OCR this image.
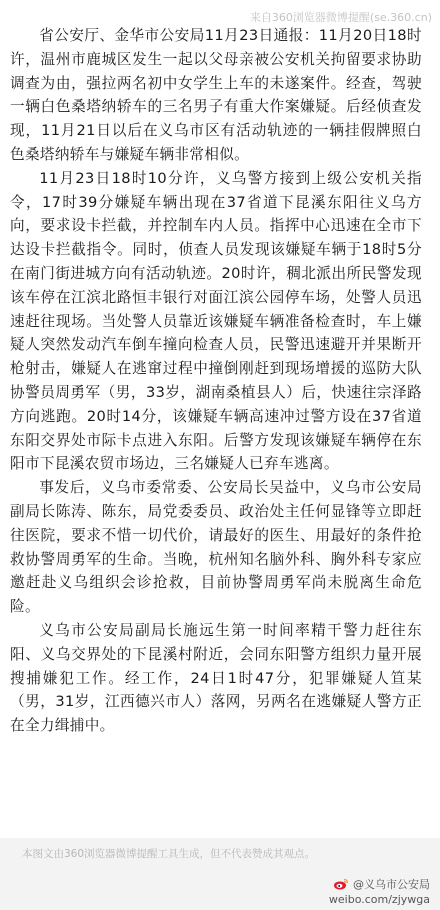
来自360浏览器微博提醒(se.360.cn)

省公安厅、金华市公安局11月23日通报：11月20日18时许，温州市鹿城区发生一起以父母亲被公安机关拘留要求协助调查为由，强拉两名初中女学生上车的未遂案件。经查，驾驶一辆白色桑塔纳轿车的三名男子有重大作案嫌疑。后经侦查发现，11月21日以后在义乌市区有活动轨迹的一辆挂假牌照白色桑塔纳轿车与嫌疑车辆非常相似。

11月23日18时10分许，义乌警方接到上级公安机关指令，17时39分嫌疑车辆出现在37省道下昆溪东阳往义乌方向，要求设卡拦截，并控制车内人员。指挥中心迅速在全市下达设卡拦截指令。同时，侦查人员发现该嫌疑车辆于18时5分在南门街进城方向有活动轨迹。20时许，稠北派出所民警发现该车停在江滨北路恒丰银行对面江滨公园停车场，处警人员迅速赶往现场。当处警人员靠近该嫌疑车辆准备检查时，车上嫌疑人突然发动汽车倒车撞向检查人员，民警迅速避开并果断开枪射击，嫌疑人在逃窜过程中撞倒刚赶到现场增援的巡防大队协警员周勇军（男，33岁，湖南桑植县人）后，快速往宗泽路方向逃跑。20时14分，该嫌疑车辆高速冲过警方设在37省道东阳交界处市际卡点进入东阳。后警方发现该嫌疑车辆停在东阳市下昆溪农贸市场边，三名嫌疑人已弃车逃离。

事发后，义乌市委常委、公安局长吴益中，义乌市公安局副局长陈涛、陈东，局党委委员、政治处主任何显锋等立即赶往医院，要求不惜一切代价，请最好的医生、用最好的条件抢救协警周勇军的生命。当晚，杭州知名脑外科、胸外科专家应邀赶赴义乌组织会诊抢救，目前协警周勇军尚未脱离生命危险。

义乌市公安局副局长施远生第一时间率精干警力赶往东阳、义乌交界处的下昆溪村附近，会同东阳警方组织力量开展搜捕嫌犯工作。经工作，24日1时47分，犯罪嫌疑人笪某（男，31岁，江西德兴市人）落网，另两名在逃嫌疑人警方正在全力缉捕中。

本图文由360浏览器微博提醒工具生成，但不代表赞成其观点。
@义乌市公安局
weibo.com/zjywga
